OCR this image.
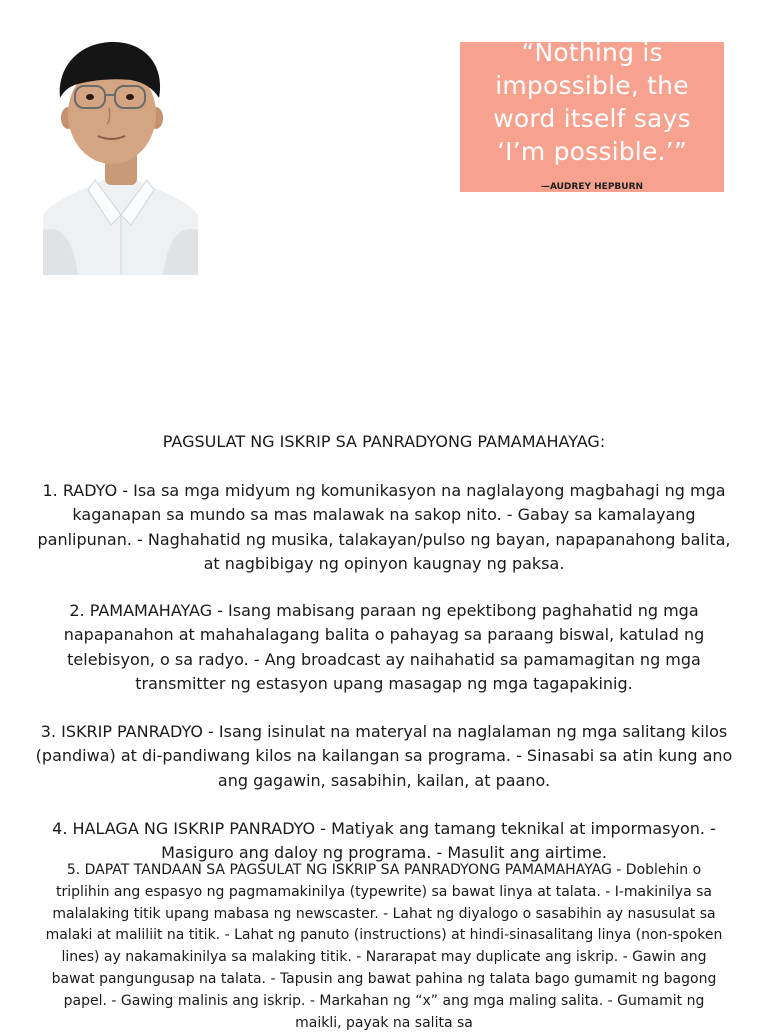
“Nothing is
impossible, the
word itself says
‘I’m possible.’”
—AUDREY HEPBURN
PAGSULAT NG ISKRIP SA PANRADYONG PAMAMAHAYAG:

1. RADYO - Isa sa mga midyum ng komunikasyon na naglalayong magbahagi ng mga kaganapan sa mundo sa mas malawak na sakop nito. - Gabay sa kamalayang panlipunan. - Naghahatid ng musika, talakayan/pulso ng bayan, napapanahong balita, at nagbibigay ng opinyon kaugnay ng paksa.

2. PAMAMAHAYAG - Isang mabisang paraan ng epektibong paghahatid ng mga napapanahon at mahahalagang balita o pahayag sa paraang biswal, katulad ng telebisyon, o sa radyo. - Ang broadcast ay naihahatid sa pamamagitan ng mga transmitter ng estasyon upang masagap ng mga tagapakinig.

3. ISKRIP PANRADYO - Isang isinulat na materyal na naglalaman ng mga salitang kilos (pandiwa) at di-pandiwang kilos na kailangan sa programa. - Sinasabi sa atin kung ano ang gagawin, sasabihin, kailan, at paano.

4. HALAGA NG ISKRIP PANRADYO - Matiyak ang tamang teknikal at impormasyon. - Masiguro ang daloy ng programa. - Masulit ang airtime.

5. DAPAT TANDAAN SA PAGSULAT NG ISKRIP SA PANRADYONG PAMAMAHAYAG - Doblehin o triplihin ang espasyo ng pagmamakinilya (typewrite) sa bawat linya at talata. - I-makinilya sa malalaking titik upang mabasa ng newscaster. - Lahat ng diyalogo o sasabihin ay nasusulat sa malaki at maliliit na titik. - Lahat ng panuto (instructions) at hindi-sinasalitang linya (non-spoken lines) ay nakamakinilya sa malaking titik. - Nararapat may duplicate ang iskrip. - Gawin ang bawat pangungusap na talata. - Tapusin ang bawat pahina ng talata bago gumamit ng bagong papel. - Gawing malinis ang iskrip. - Markahan ng “x” ang mga maling salita. - Gumamit ng maikli, payak na salita sa
